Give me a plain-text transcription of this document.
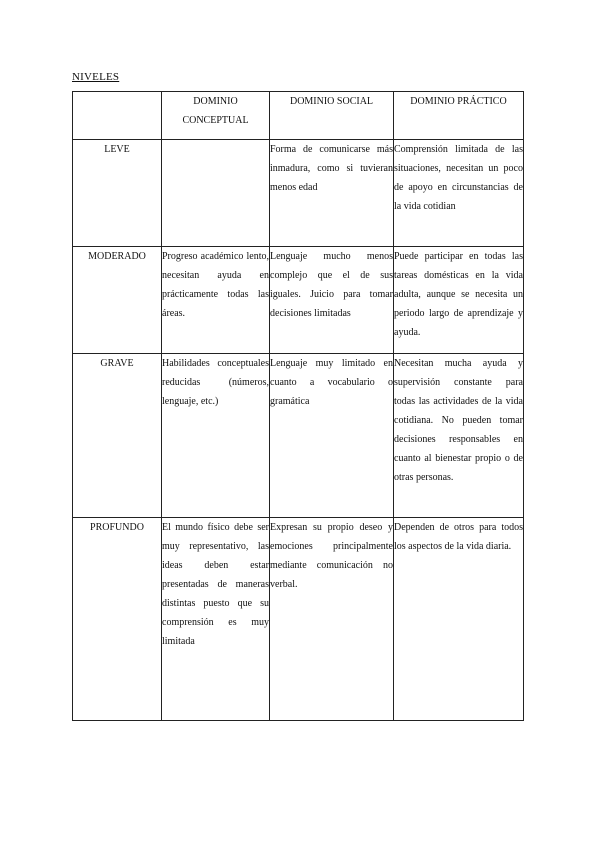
NIVELES
	DOMINIO CONCEPTUAL	DOMINIO SOCIAL	DOMINIO PRÁCTICO
LEVE		Forma de comunicarse más inmadura, como si tuvieran menos edad	Comprensión limitada de las situaciones, necesitan un poco de apoyo en circunstancias de la vida cotidian

MODERADO	Progreso académico lento, necesitan ayuda en prácticamente todas las áreas.	Lenguaje mucho menos complejo que el de sus iguales. Juicio para tomar decisiones limitadas	Puede participar en todas las tareas domésticas en la vida adulta, aunque se necesita un periodo largo de aprendizaje y ayuda.

GRAVE	Habilidades conceptuales reducidas (números, lenguaje, etc.)	Lenguaje muy limitado en cuanto a vocabulario o gramática	Necesitan mucha ayuda y supervisión constante para todas las actividades de la vida cotidiana. No pueden tomar decisiones responsables en cuanto al bienestar propio o de otras personas.

PROFUNDO	El mundo físico debe ser muy representativo, las ideas deben estar presentadas de maneras distintas puesto que su comprensión es muy limitada	Expresan su propio deseo y emociones principalmente mediante comunicación no verbal.	Dependen de otros para todos los aspectos de la vida diaria.
